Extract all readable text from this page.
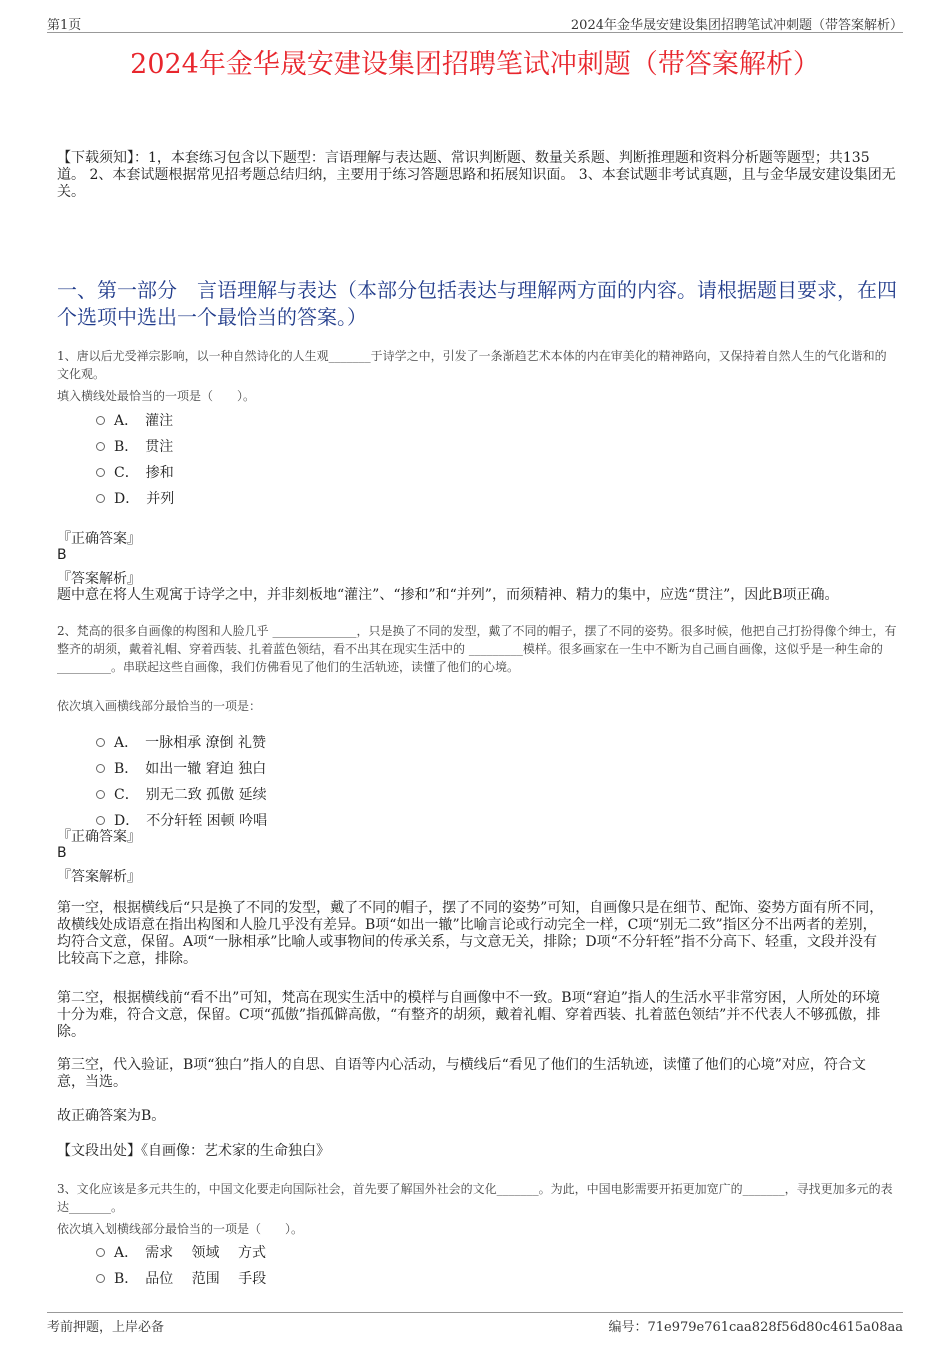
第1页	2024年金华晟安建设集团招聘笔试冲刺题（带答案解析）
2024年金华晟安建设集团招聘笔试冲刺题（带答案解析）
【下载须知】：1，本套练习包含以下题型：言语理解与表达题、常识判断题、数量关系题、判断推理题和资料分析题等题型；共135道。 2、本套试题根据常见招考题总结归纳，主要用于练习答题思路和拓展知识面。 3、本套试题非考试真题，且与金华晟安建设集团无关。
一、第一部分　言语理解与表达（本部分包括表达与理解两方面的内容。请根据题目要求，在四个选项中选出一个最恰当的答案。）
1、唐以后尤受禅宗影响，以一种自然诗化的人生观_______于诗学之中，引发了一条渐趋艺术本体的内在审美化的精神路向，又保持着自然人生的气化谐和的文化观。
填入横线处最恰当的一项是（　　）。
A．　灌注
B．　贯注
C．　掺和
D．　并列
『正确答案』
B
『答案解析』
题中意在将人生观寓于诗学之中，并非刻板地“灌注”、“掺和”和“并列”，而须精神、精力的集中，应选“贯注”，因此B项正确。
2、梵高的很多自画像的构图和人脸几乎 ______________，只是换了不同的发型，戴了不同的帽子，摆了不同的姿势。很多时候，他把自己打扮得像个绅士，有整齐的胡须，戴着礼帽、穿着西装、扎着蓝色领结，看不出其在现实生活中的 _________模样。很多画家在一生中不断为自己画自画像，这似乎是一种生命的 _________。串联起这些自画像，我们仿佛看见了他们的生活轨迹，读懂了他们的心境。
依次填入画横线部分最恰当的一项是：
A．　一脉相承 潦倒 礼赞
B．　如出一辙 窘迫 独白
C．　别无二致 孤傲 延续
D．　不分轩轾 困顿 吟唱
『正确答案』
B
『答案解析』
第一空，根据横线后“只是换了不同的发型，戴了不同的帽子，摆了不同的姿势”可知，自画像只是在细节、配饰、姿势方面有所不同，故横线处成语意在指出构图和人脸几乎没有差异。B项“如出一辙”比喻言论或行动完全一样，C项“别无二致”指区分不出两者的差别，均符合文意，保留。A项“一脉相承”比喻人或事物间的传承关系，与文意无关，排除；D项“不分轩轾”指不分高下、轻重，文段并没有比较高下之意，排除。
第二空，根据横线前“看不出”可知，梵高在现实生活中的模样与自画像中不一致。B项“窘迫”指人的生活水平非常穷困，人所处的环境十分为难，符合文意，保留。C项“孤傲”指孤僻高傲，“有整齐的胡须，戴着礼帽、穿着西装、扎着蓝色领结”并不代表人不够孤傲，排除。
第三空，代入验证，B项“独白”指人的自思、自语等内心活动，与横线后“看见了他们的生活轨迹，读懂了他们的心境”对应，符合文意，当选。
故正确答案为B。
【文段出处】《自画像：艺术家的生命独白》
3、文化应该是多元共生的，中国文化要走向国际社会，首先要了解国外社会的文化_______。为此，中国电影需要开拓更加宽广的_______，寻找更加多元的表达_______。
依次填入划横线部分最恰当的一项是（　　）。
A．　需求　 领域　 方式
B．　品位　 范围　 手段
考前押题，上岸必备	编号：71e979e761caa828f56d80c4615a08aa
